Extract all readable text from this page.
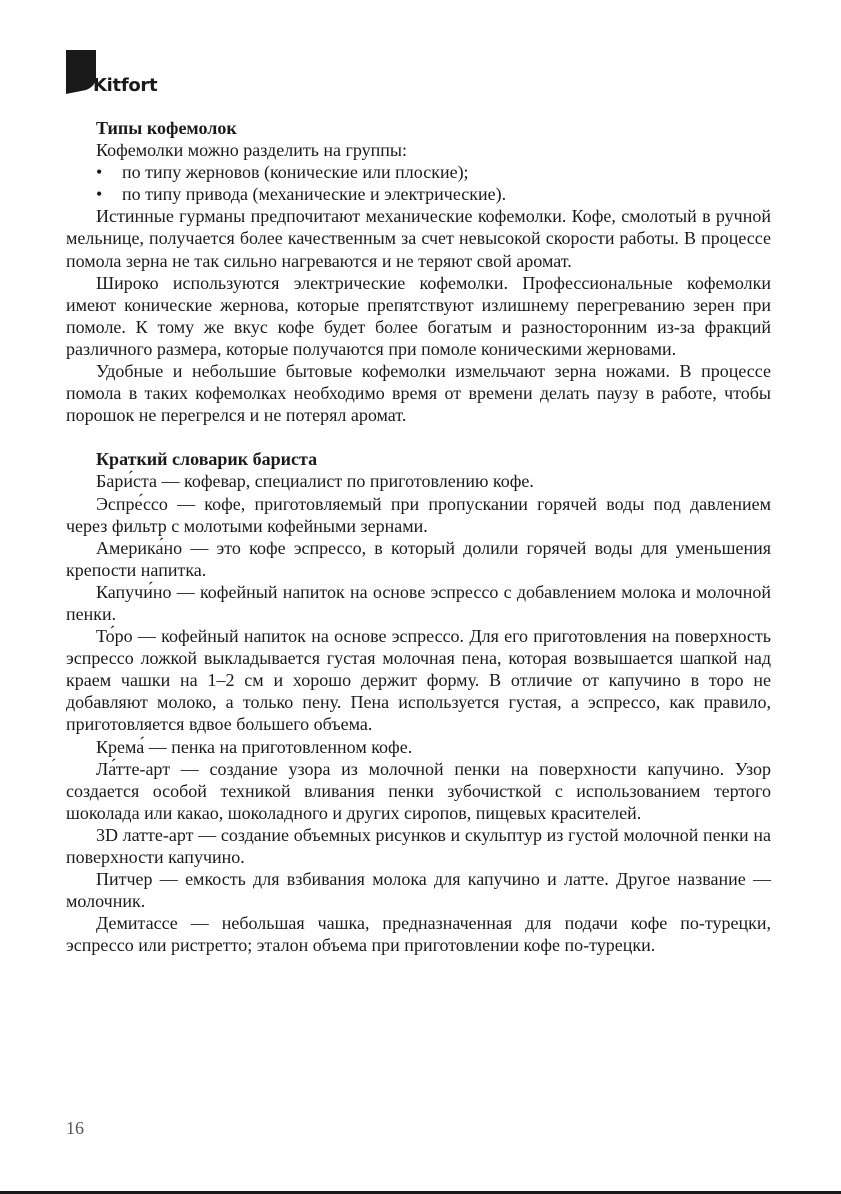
Kitfort
Типы кофемолок

Кофемолки можно разделить на группы:

• по типу жерновов (конические или плоские);
• по типу привода (механические и электрические).

Истинные гурманы предпочитают механические кофемолки. Кофе, смолотый в ручной мельнице, получается более качественным за счет невысокой скорости работы. В процессе помола зерна не так сильно нагреваются и не теряют свой аромат.

Широко используются электрические кофемолки. Профессиональные кофемолки имеют конические жернова, которые препятствуют излишнему перегреванию зерен при помоле. К тому же вкус кофе будет более богатым и разносторонним из-за фракций различного размера, которые получаются при помоле коническими жерновами.

Удобные и небольшие бытовые кофемолки измельчают зерна ножами. В процессе помола в таких кофемолках необходимо время от времени делать паузу в работе, чтобы порошок не перегрелся и не потерял аромат.

Краткий словарик бариста

Бари́ста — кофевар, специалист по приготовлению кофе.

Эспре́ссо — кофе, приготовляемый при пропускании горячей воды под давлением через фильтр с молотыми кофейными зернами.

Америка́но — это кофе эспрессо, в который долили горячей воды для уменьшения крепости напитка.

Капучи́но — кофейный напиток на основе эспрессо с добавлением молока и молочной пенки.

То́ро — кофейный напиток на основе эспрессо. Для его приготовления на поверхность эспрессо ложкой выкладывается густая молочная пена, которая возвышается шапкой над краем чашки на 1–2 см и хорошо держит форму. В отличие от капучино в торо не добавляют молоко, а только пену. Пена используется густая, а эспрессо, как правило, приготовляется вдвое большего объема.

Крема́ — пенка на приготовленном кофе.

Ла́тте-арт — создание узора из молочной пенки на поверхности капучино. Узор создается особой техникой вливания пенки зубочисткой с использованием тертого шоколада или какао, шоколадного и других сиропов, пищевых красителей.

3D латте-арт — создание объемных рисунков и скульптур из густой молочной пенки на поверхности капучино.

Питчер — емкость для взбивания молока для капучино и латте. Другое название — молочник.

Демитассе — небольшая чашка, предназначенная для подачи кофе по-турецки, эспрессо или ристретто; эталон объема при приготовлении кофе по-турецки.

16
